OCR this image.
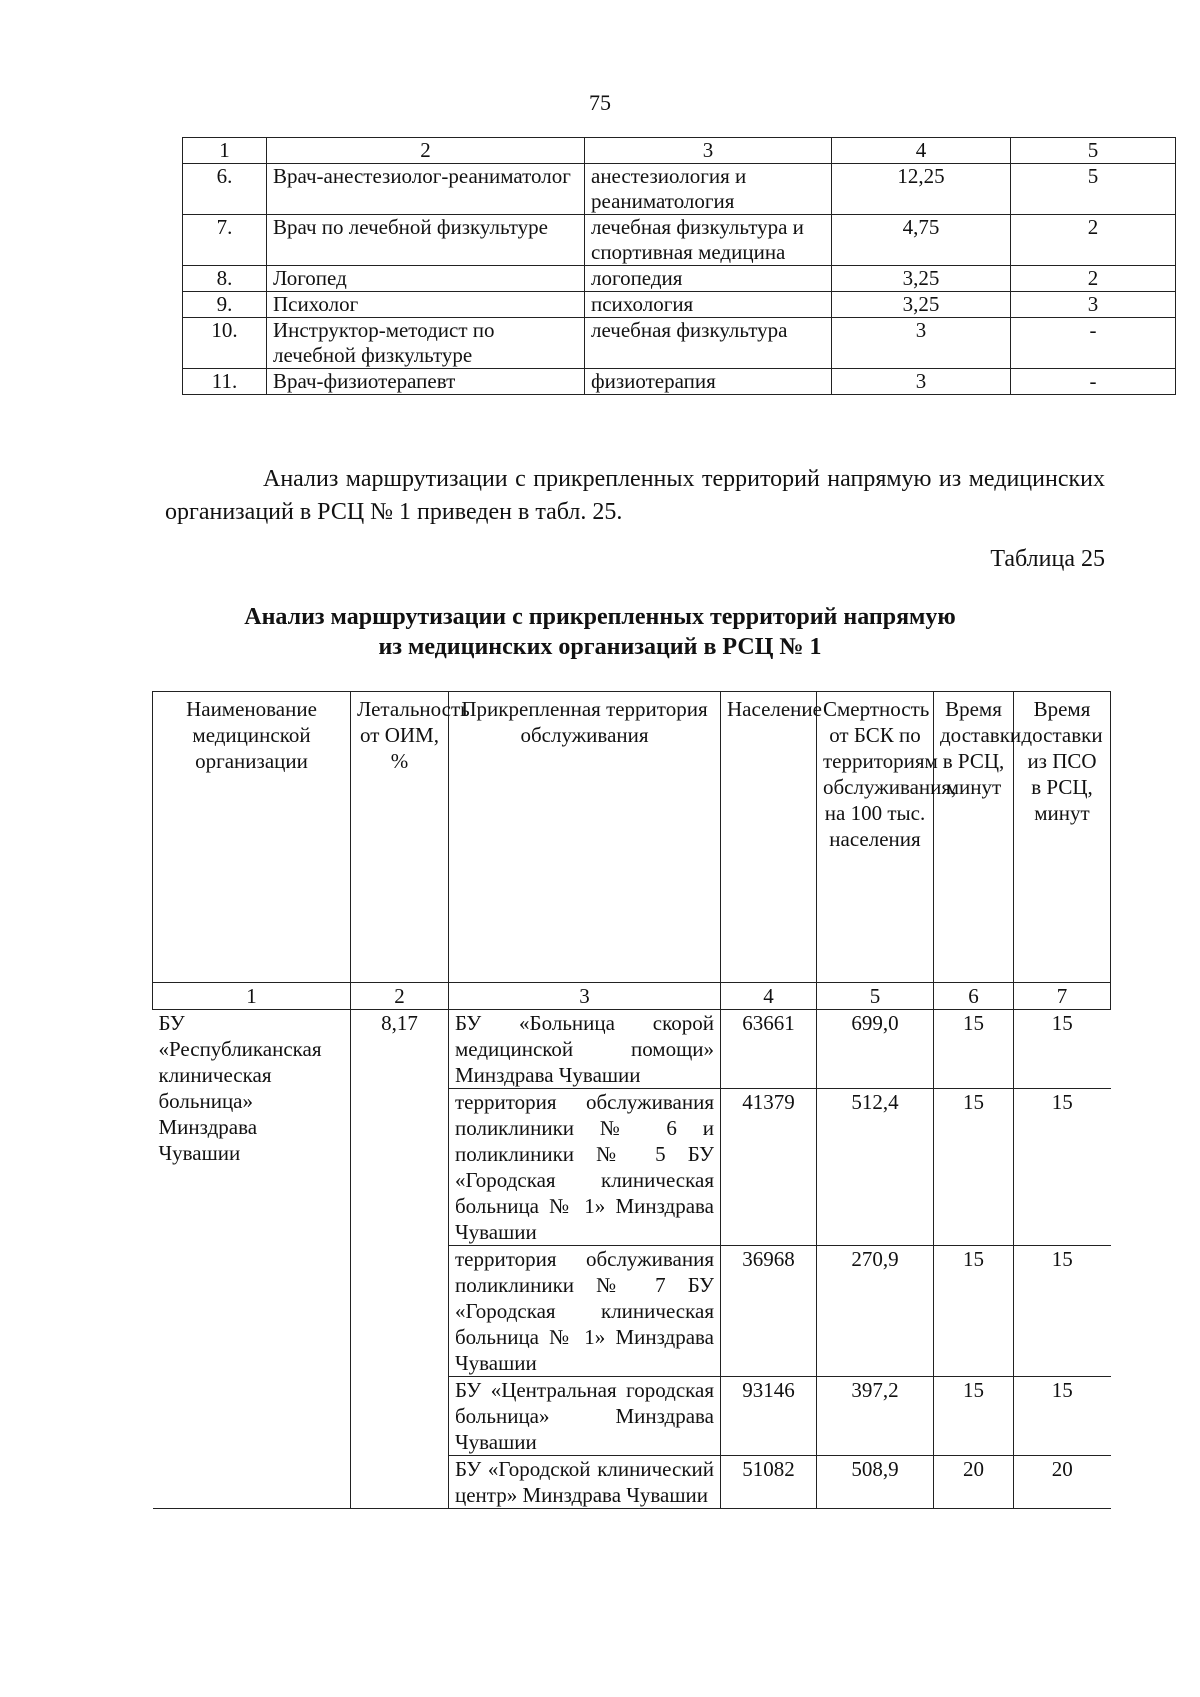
75
1	2	3	4	5
6.	Врач-анестезиолог-реаниматолог	анестезиология и реаниматология	12,25	5
7.	Врач по лечебной физкультуре	лечебная физкультура и спортивная медицина	4,75	2
8.	Логопед	логопедия	3,25	2
9.	Психолог	психология	3,25	3
10.	Инструктор-методист по лечебной физкультуре	лечебная физкультура	3	-
11.	Врач-физиотерапевт	физиотерапия	3	-

Анализ маршрутизации с прикрепленных территорий напрямую из медицинских организаций в РСЦ № 1 приведен в табл. 25.

Таблица 25
Анализ маршрутизации с прикрепленных территорий напрямую
из медицинских организаций в РСЦ № 1
Наименование медицинской организации	Летальность от ОИМ, %	Прикрепленная территория обслуживания	Население	Смертность от БСК по территориям обслуживания, на 100 тыс. населения	Время доставки в РСЦ, минут	Время доставки из ПСО в РСЦ, минут
1	2	3	4	5	6	7
БУ «Республиканская клиническая больница» Минздрава Чувашии	8,17	БУ «Больница скорой медицинской помощи» Минздрава Чувашии	63661	699,0	15	15
		территория обслуживания поликлиники № 6 и поликлиники № 5 БУ «Городская клиническая больница № 1» Минздрава Чувашии	41379	512,4	15	15
		территория обслуживания поликлиники № 7 БУ «Городская клиническая больница № 1» Минздрава Чувашии	36968	270,9	15	15
		БУ «Центральная городская больница» Минздрава Чувашии	93146	397,2	15	15
		БУ «Городской клинический центр» Минздрава Чувашии	51082	508,9	20	20
